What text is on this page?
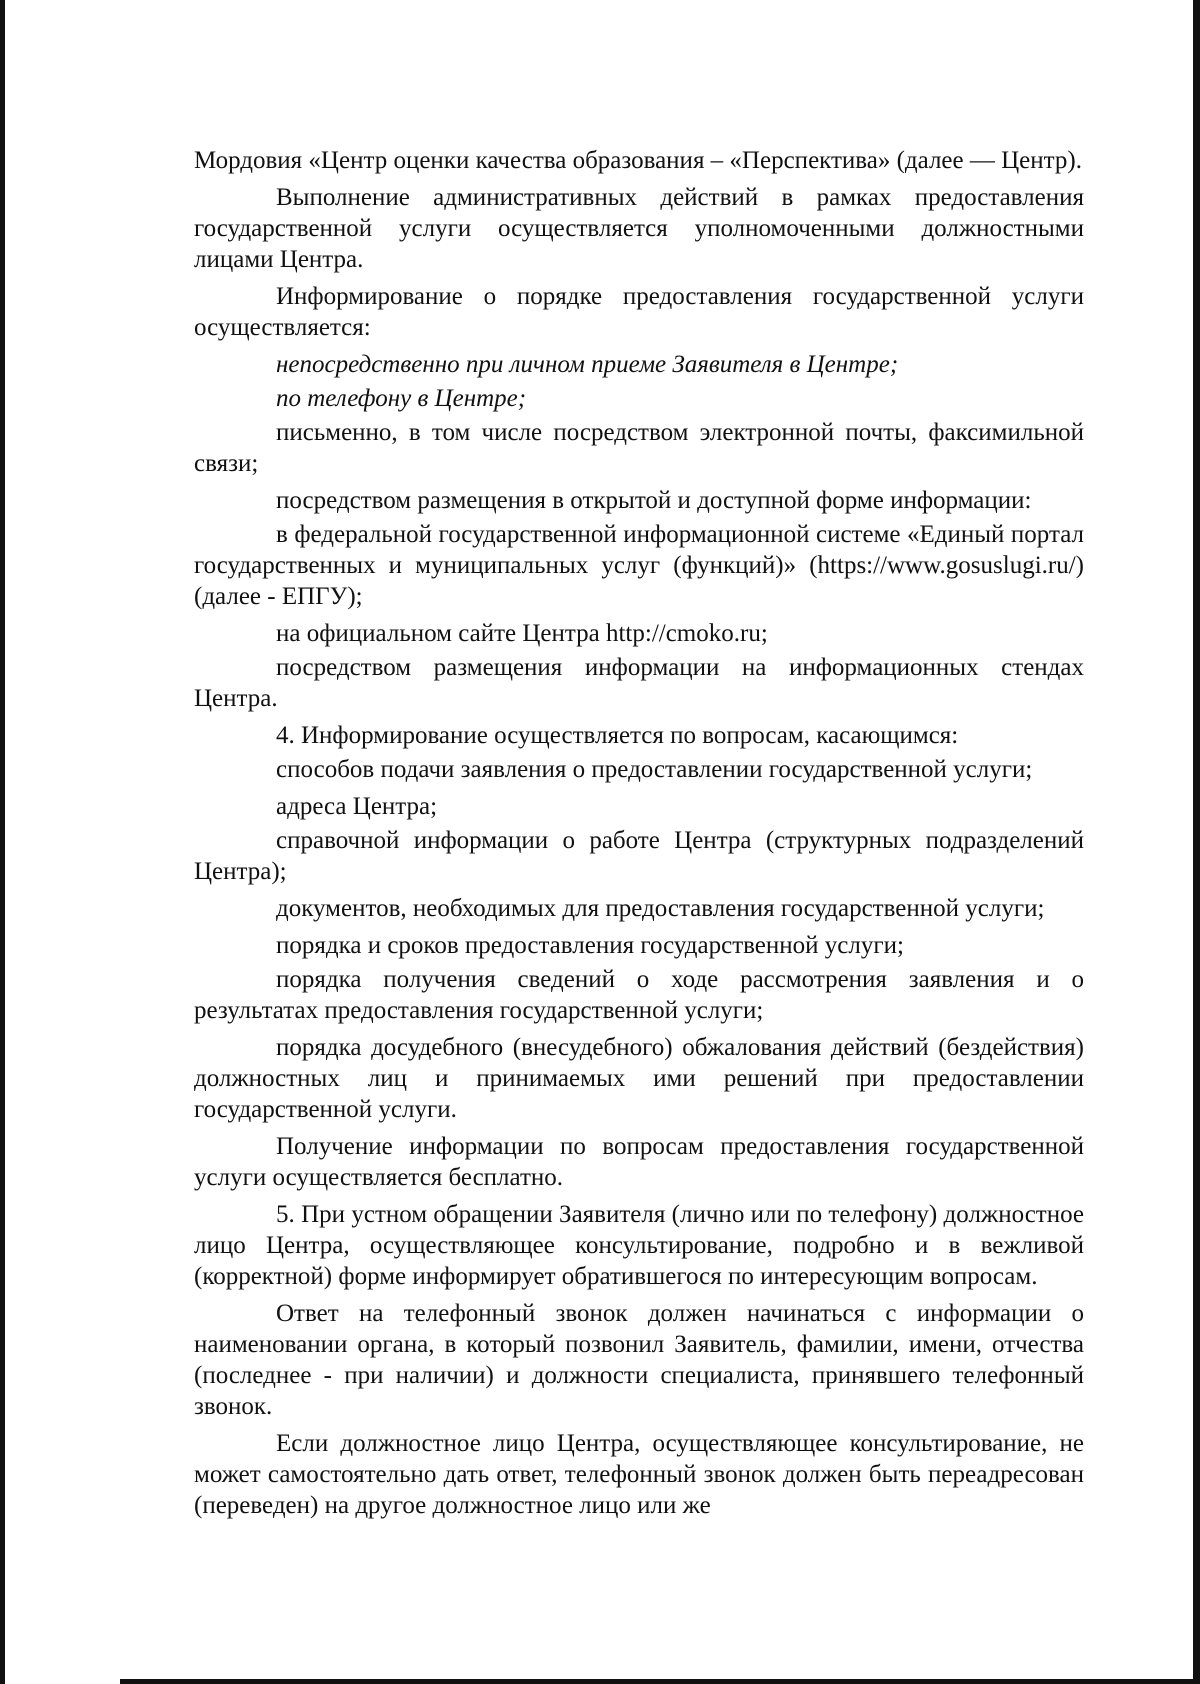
Мордовия «Центр оценки качества образования – «Перспектива» (далее — Центр).

Выполнение административных действий в рамках предоставления государственной услуги осуществляется уполномоченными должностными лицами Центра.

Информирование о порядке предоставления государственной услуги осуществляется:

непосредственно при личном приеме Заявителя в Центре;

по телефону в Центре;

письменно, в том числе посредством электронной почты, факсимильной связи;

посредством размещения в открытой и доступной форме информации:

в федеральной государственной информационной системе «Единый портал государственных и муниципальных услуг (функций)» (https://www.gosuslugi.ru/) (далее - ЕПГУ);

на официальном сайте Центра http://cmoko.ru;

посредством размещения информации на информационных стендах Центра.

4. Информирование осуществляется по вопросам, касающимся:

способов подачи заявления о предоставлении государственной услуги;

адреса Центра;

справочной информации о работе Центра (структурных подразделений Центра);

документов, необходимых для предоставления государственной услуги;

порядка и сроков предоставления государственной услуги;

порядка получения сведений о ходе рассмотрения заявления и о результатах предоставления государственной услуги;

порядка досудебного (внесудебного) обжалования действий (бездействия) должностных лиц и принимаемых ими решений при предоставлении государственной услуги.

Получение информации по вопросам предоставления государственной услуги осуществляется бесплатно.

5. При устном обращении Заявителя (лично или по телефону) должностное лицо Центра, осуществляющее консультирование, подробно и в вежливой (корректной) форме информирует обратившегося по интересующим вопросам.

Ответ на телефонный звонок должен начинаться с информации о наименовании органа, в который позвонил Заявитель, фамилии, имени, отчества (последнее - при наличии) и должности специалиста, принявшего телефонный звонок.

Если должностное лицо Центра, осуществляющее консультирование, не может самостоятельно дать ответ, телефонный звонок должен быть переадресован (переведен) на другое должностное лицо или же
